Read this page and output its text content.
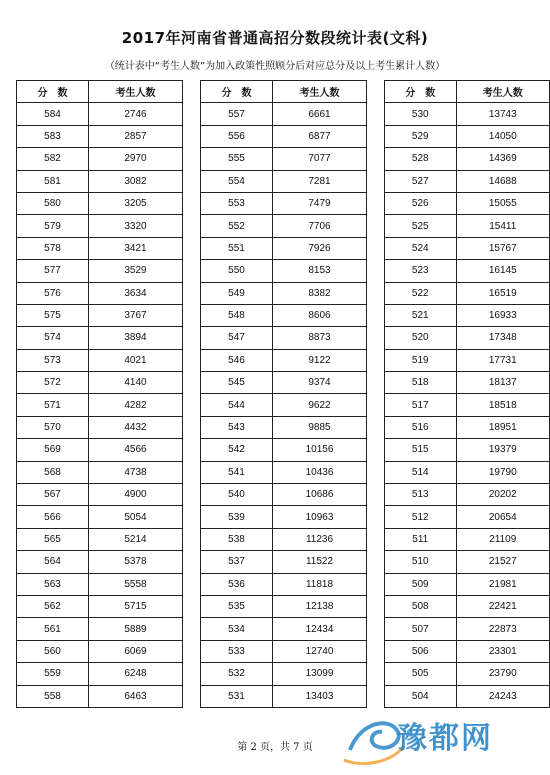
2017年河南省普通高招分数段统计表(文科)
（统计表中“考生人数”为加入政策性照顾分后对应总分及以上考生累计人数）
分　数	考生人数
584	2746
583	2857
582	2970
581	3082
580	3205
579	3320
578	3421
577	3529
576	3634
575	3767
574	3894
573	4021
572	4140
571	4282
570	4432
569	4566
568	4738
567	4900
566	5054
565	5214
564	5378
563	5558
562	5715
561	5889
560	6069
559	6248
558	6463
分　数	考生人数
557	6661
556	6877
555	7077
554	7281
553	7479
552	7706
551	7926
550	8153
549	8382
548	8606
547	8873
546	9122
545	9374
544	9622
543	9885
542	10156
541	10436
540	10686
539	10963
538	11236
537	11522
536	11818
535	12138
534	12434
533	12740
532	13099
531	13403
分　数	考生人数
530	13743
529	14050
528	14369
527	14688
526	15055
525	15411
524	15767
523	16145
522	16519
521	16933
520	17348
519	17731
518	18137
517	18518
516	18951
515	19379
514	19790
513	20202
512	20654
511	21109
510	21527
509	21981
508	22421
507	22873
506	23301
505	23790
504	24243
第 2 页，共 7 页	豫都网
